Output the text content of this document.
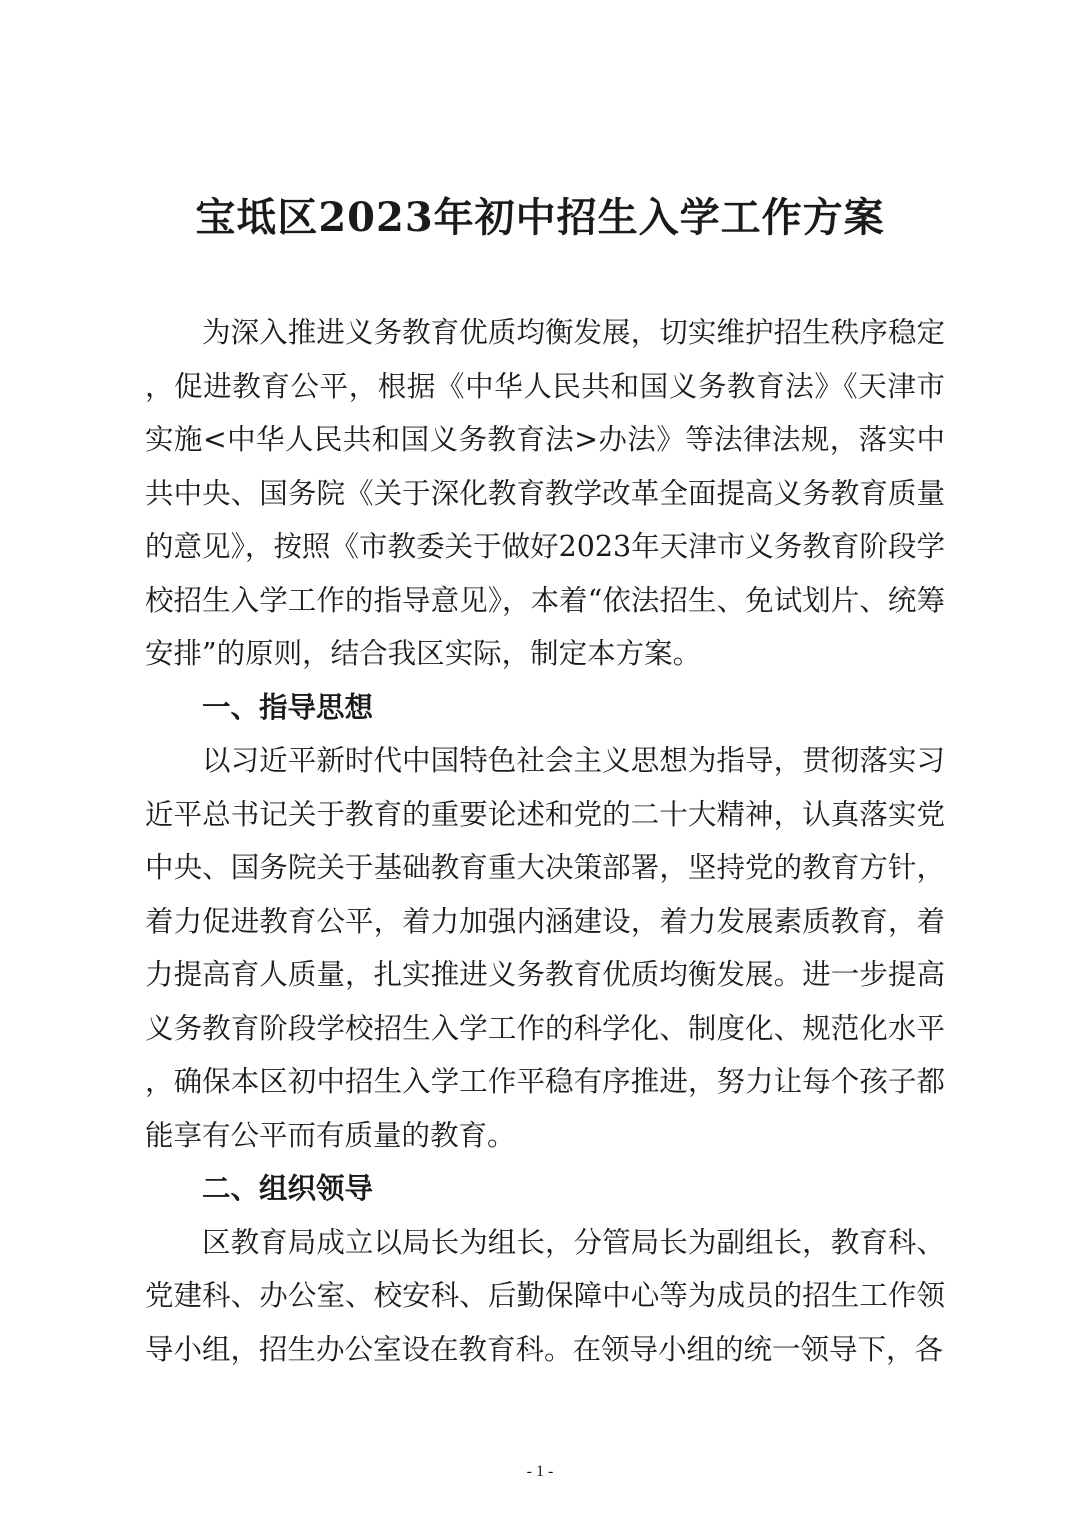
宝坻区2023年初中招生入学工作方案

为深入推进义务教育优质均衡发展，切实维护招生秩序稳定，促进教育公平，根据《中华人民共和国义务教育法》《天津市实施<中华人民共和国义务教育法>办法》等法律法规，落实中共中央、国务院《关于深化教育教学改革全面提高义务教育质量的意见》，按照《市教委关于做好2023年天津市义务教育阶段学校招生入学工作的指导意见》，本着“依法招生、免试划片、统筹安排”的原则，结合我区实际，制定本方案。

一、指导思想

以习近平新时代中国特色社会主义思想为指导，贯彻落实习近平总书记关于教育的重要论述和党的二十大精神，认真落实党中央、国务院关于基础教育重大决策部署，坚持党的教育方针，着力促进教育公平，着力加强内涵建设，着力发展素质教育，着力提高育人质量，扎实推进义务教育优质均衡发展。进一步提高义务教育阶段学校招生入学工作的科学化、制度化、规范化水平，确保本区初中招生入学工作平稳有序推进，努力让每个孩子都能享有公平而有质量的教育。

二、组织领导

区教育局成立以局长为组长，分管局长为副组长，教育科、党建科、办公室、校安科、后勤保障中心等为成员的招生工作领导小组，招生办公室设在教育科。在领导小组的统一领导下，各

- 1 -
